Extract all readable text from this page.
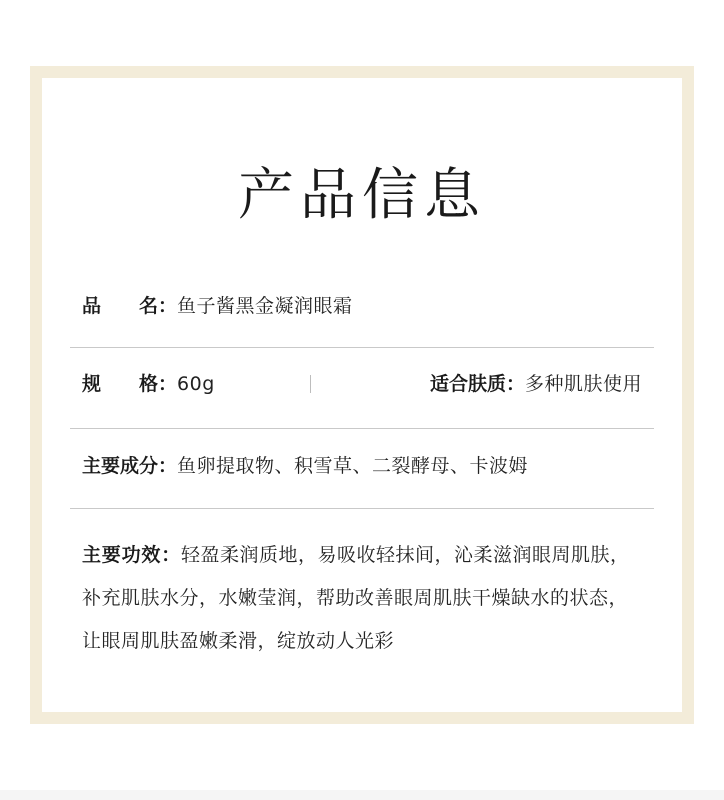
产品信息
品　　名：鱼子酱黑金凝润眼霜
规　　格：60g	适合肤质：多种肌肤使用
主要成分：鱼卵提取物、积雪草、二裂酵母、卡波姆
主要功效：轻盈柔润质地，易吸收轻抹间，沁柔滋润眼周肌肤，补充肌肤水分，水嫩莹润，帮助改善眼周肌肤干燥缺水的状态，让眼周肌肤盈嫩柔滑，绽放动人光彩
